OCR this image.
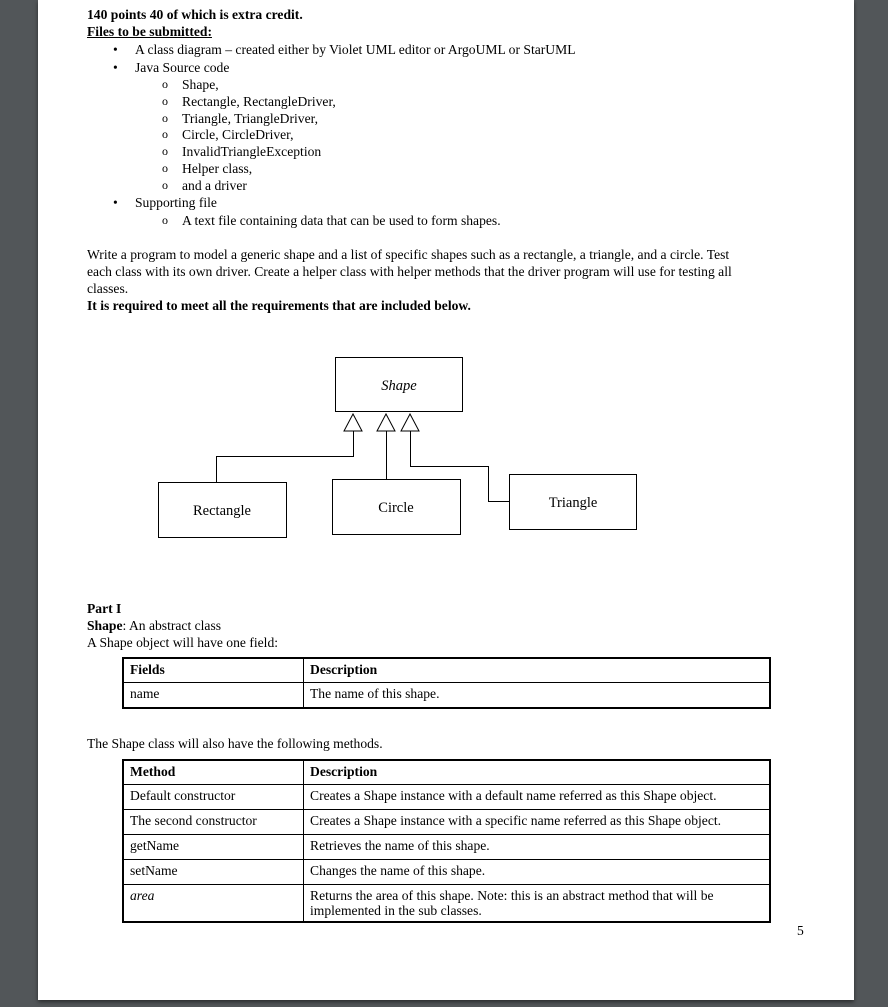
140 points 40 of which is extra credit.
Files to be submitted:
• A class diagram – created either by Violet UML editor or ArgoUML or StarUML
• Java Source code
o Shape,
o Rectangle, RectangleDriver,
o Triangle, TriangleDriver,
o Circle, CircleDriver,
o InvalidTriangleException
o Helper class,
o and a driver
• Supporting file
o A text file containing data that can be used to form shapes.
Write a program to model a generic shape and a list of specific shapes such as a rectangle, a triangle, and a circle. Test
each class with its own driver. Create a helper class with helper methods that the driver program will use for testing all
classes.
It is required to meet all the requirements that are included below.
Shape
Rectangle	Circle	Triangle
Part I
Shape: An abstract class
A Shape object will have one field:
Fields	Description
name	The name of this shape.
The Shape class will also have the following methods.
Method	Description
Default constructor	Creates a Shape instance with a default name referred as this Shape object.
The second constructor	Creates a Shape instance with a specific name referred as this Shape object.
getName	Retrieves the name of this shape.
setName	Changes the name of this shape.
area	Returns the area of this shape. Note: this is an abstract method that will be implemented in the sub classes.
5
